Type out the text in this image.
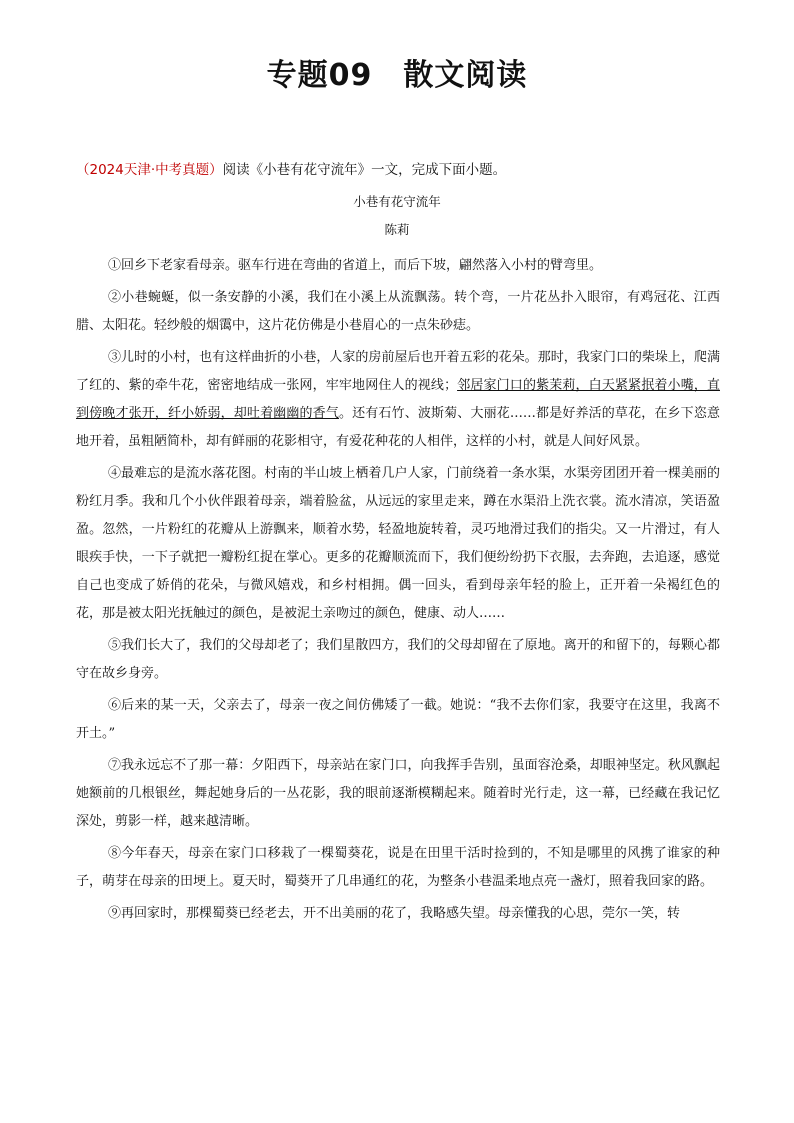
专题09　散文阅读
（2024天津·中考真题）阅读《小巷有花守流年》一文，完成下面小题。
小巷有花守流年
陈莉

①回乡下老家看母亲。驱车行进在弯曲的省道上，而后下坡，翩然落入小村的臂弯里。

②小巷蜿蜒，似一条安静的小溪，我们在小溪上从流飘荡。转个弯，一片花丛扑入眼帘，有鸡冠花、江西腊、太阳花。轻纱般的烟霭中，这片花仿佛是小巷眉心的一点朱砂痣。

③儿时的小村，也有这样曲折的小巷，人家的房前屋后也开着五彩的花朵。那时，我家门口的柴垛上，爬满了红的、紫的牵牛花，密密地结成一张网，牢牢地网住人的视线；邻居家门口的紫茉莉，白天紧紧抿着小嘴，直到傍晚才张开，纤小娇弱，却吐着幽幽的香气。还有石竹、波斯菊、大丽花……都是好养活的草花，在乡下恣意地开着，虽粗陋简朴，却有鲜丽的花影相守，有爱花种花的人相伴，这样的小村，就是人间好风景。

④最难忘的是流水落花图。村南的半山坡上栖着几户人家，门前绕着一条水渠，水渠旁团团开着一棵美丽的粉红月季。我和几个小伙伴跟着母亲，端着脸盆，从远远的家里走来，蹲在水渠沿上洗衣裳。流水清凉，笑语盈盈。忽然，一片粉红的花瓣从上游飘来，顺着水势，轻盈地旋转着，灵巧地滑过我们的指尖。又一片滑过，有人眼疾手快，一下子就把一瓣粉红捉在掌心。更多的花瓣顺流而下，我们便纷纷扔下衣服，去奔跑，去追逐，感觉自己也变成了娇俏的花朵，与微风嬉戏，和乡村相拥。偶一回头，看到母亲年轻的脸上，正开着一朵褐红色的花，那是被太阳光抚触过的颜色，是被泥土亲吻过的颜色，健康、动人……

⑤我们长大了，我们的父母却老了；我们星散四方，我们的父母却留在了原地。离开的和留下的，每颗心都守在故乡身旁。

⑥后来的某一天，父亲去了，母亲一夜之间仿佛矮了一截。她说：“我不去你们家，我要守在这里，我离不开土。”

⑦我永远忘不了那一幕：夕阳西下，母亲站在家门口，向我挥手告别，虽面容沧桑，却眼神坚定。秋风飘起她额前的几根银丝，舞起她身后的一丛花影，我的眼前逐渐模糊起来。随着时光行走，这一幕，已经藏在我记忆深处，剪影一样，越来越清晰。

⑧今年春天，母亲在家门口移栽了一棵蜀葵花，说是在田里干活时捡到的，不知是哪里的风携了谁家的种子，萌芽在母亲的田埂上。夏天时，蜀葵开了几串通红的花，为整条小巷温柔地点亮一盏灯，照着我回家的路。

⑨再回家时，那棵蜀葵已经老去，开不出美丽的花了，我略感失望。母亲懂我的心思，莞尔一笑，转
